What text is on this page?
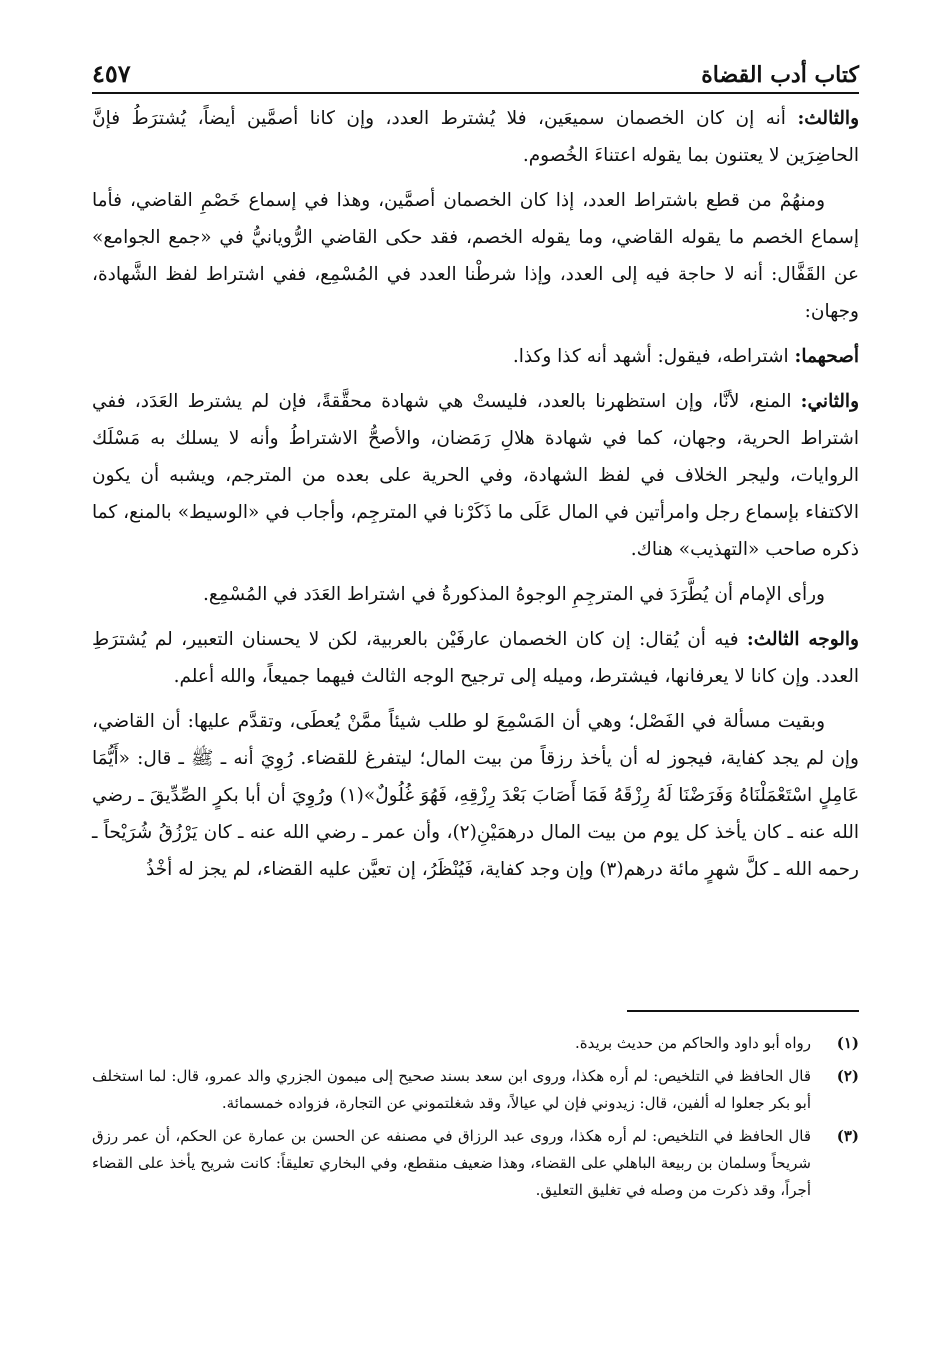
كتاب أدب القضاة
٤٥٧

والثالث: أنه إن كان الخصمان سميعَين، فلا يُشترط العدد، وإن كانا أصمَّين أيضاً، يُشترَطُ فإنَّ الحاضِرَين لا يعتنون بما يقوله اعتناءَ الخُصوم.

ومنهُمْ من قطع باشتراط العدد، إذا كان الخصمان أصمَّين، وهذا في إسماع خَصْمِ القاضي، فأما إسماع الخصم ما يقوله القاضي، وما يقوله الخصم، فقد حكى القاضي الرُّويانيُّ في «جمع الجوامع» عن القَفَّال: أنه لا حاجة فيه إلى العدد، وإذا شرطْنا العدد في المُسْمِع، ففي اشتراط لفظ الشَّهادة، وجهان:

أصحهما: اشتراطه، فيقول: أشهد أنه كذا وكذا.

والثاني: المنع، لأنَّا، وإن استظهرنا بالعدد، فليستْ هي شهادة محقَّقةً، فإن لم يشترط العَدَد، ففي اشتراط الحرية، وجهان، كما في شهادة هلالِ رَمَضان، والأصحُّ الاشتراطُ وأنه لا يسلك به مَسْلَك الروايات، وليجر الخلاف في لفظ الشهادة، وفي الحرية على بعده من المترجم، ويشبه أن يكون الاكتفاء بإسماع رجل وامرأتين في المال عَلَى ما ذَكَرْنا في المترجِم، وأجاب في «الوسيط» بالمنع، كما ذكره صاحب «التهذيب» هناك.

ورأى الإمام أن يُطَّرَدَ في المترجِمِ الوجوهُ المذكورةُ في اشتراط العَدَد في المُسْمِع.

والوجه الثالث: فيه أن يُقال: إن كان الخصمان عارفَيْن بالعربية، لكن لا يحسنان التعبير، لم يُشترَطِ العدد. وإن كانا لا يعرفانها، فيشترط، وميله إلى ترجيح الوجه الثالث فيهما جميعاً، والله أعلم.

وبقيت مسألة في الفَصْل؛ وهي أن المَسْمِعَ لو طلب شيئاً ممَّنْ يُعطَى، وتقدَّم عليها: أن القاضي، وإن لم يجد كفاية، فيجوز له أن يأخذ رزقاً من بيت المال؛ ليتفرغ للقضاء. رُوِيَ أنه ـ ﷺ ـ قال: «أَيُّمَا عَامِلٍ اسْتَعْمَلْنَاهُ وَفَرَضْنَا لَهُ رِزْقَهُ فَمَا أَصَابَ بَعْدَ رِزْقِهِ، فَهُوَ غُلُولٌ»(١) ورُوِيَ أن أبا بكرٍ الصِّدِّيقَ ـ رضي الله عنه ـ كان يأخذ كل يوم من بيت المال درهمَيْنِ(٢)، وأن عمر ـ رضي الله عنه ـ كان يَرْزُقُ شُرَيْحاً ـ رحمه الله ـ كلَّ شهرٍ مائة درهم(٣) وإن وجد كفاية، فَيُنْظَرُ، إن تعيَّن عليه القضاء، لم يجز له أخْذُ

(١)
رواه أبو داود والحاكم من حديث بريدة.
(٢)
قال الحافظ في التلخيص: لم أره هكذا، وروى ابن سعد بسند صحيح إلى ميمون الجزري والد عمرو، قال: لما استخلف أبو بكر جعلوا له ألفين، قال: زيدوني فإن لي عيالاً، وقد شغلتموني عن التجارة، فزواده خمسمائة.
(٣)
قال الحافظ في التلخيص: لم أره هكذا، وروى عبد الرزاق في مصنفه عن الحسن بن عمارة عن الحكم، أن عمر رزق شريحاً وسلمان بن ربيعة الباهلي على القضاء، وهذا ضعيف منقطع، وفي البخاري تعليقاً: كانت شريح يأخذ على القضاء أجراً، وقد ذكرت من وصله في تغليق التعليق.
